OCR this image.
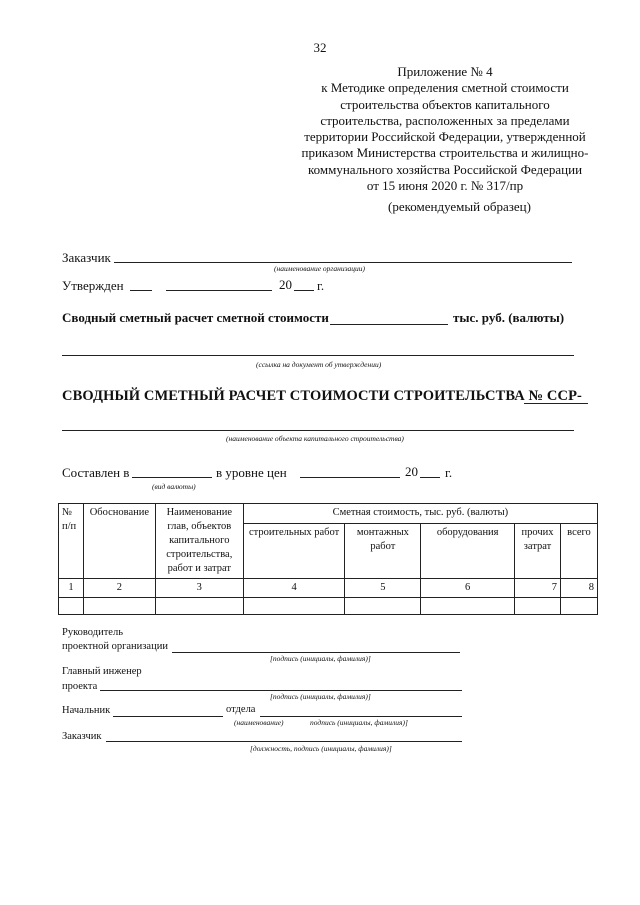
32
Приложение № 4
к Методике определения сметной стоимости
строительства объектов капитального
строительства, расположенных за пределами
территории Российской Федерации, утвержденной
приказом Министерства строительства и жилищно-
коммунального хозяйства Российской Федерации
от 15 июня 2020 г. № 317/пр
(рекомендуемый образец)
Заказчик
(наименование организации)
Утвержден	20 г.
Сводный сметный расчет сметной стоимости	тыс. руб. (валюты)
(ссылка на документ об утверждении)
СВОДНЫЙ СМЕТНЫЙ РАСЧЕТ СТОИМОСТИ СТРОИТЕЛЬСТВА № ССР-
(наименование объекта капитального строительства)
Составлен в	в уровне цен	20 г.
(вид валюты)
№ п/п	Обоснование	Наименование глав, объектов капитального строительства, работ и затрат	Сметная стоимость, тыс. руб. (валюты)				
			строительных работ	монтажных работ	оборудования	прочих затрат	всего
1	2	3	4	5	6	7	8

Руководитель
проектной организации
[подпись (инициалы, фамилия)]
Главный инженер
проекта
[подпись (инициалы, фамилия)]
Начальник	отдела
(наименование)	подпись (инициалы, фамилия)]
Заказчик
[должность, подпись (инициалы, фамилия)]
